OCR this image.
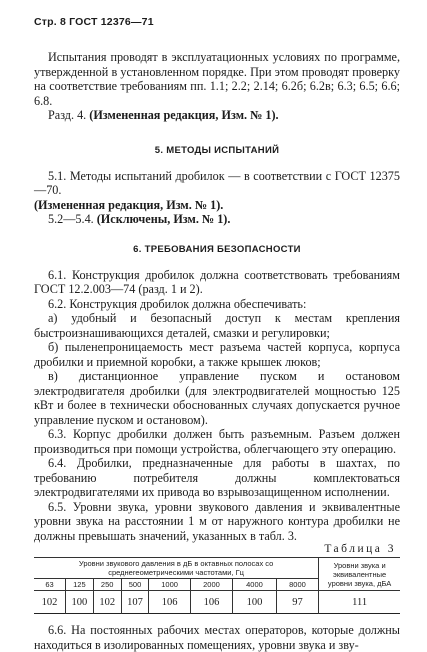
Стр. 8 ГОСТ 12376—71

Испытания проводят в эксплуатационных условиях по программе, утвержденной в установленном порядке. При этом проводят проверку на соответствие требованиям пп. 1.1; 2.2; 2.14; 6.2б; 6.2в; 6.3; 6.5; 6.6; 6.8.

Разд. 4. (Измененная редакция, Изм. № 1).

5. МЕТОДЫ ИСПЫТАНИЙ

5.1. Методы испытаний дробилок — в соответствии с ГОСТ 12375—70.

(Измененная редакция, Изм. № 1).

5.2—5.4. (Исключены, Изм. № 1).

6. ТРЕБОВАНИЯ БЕЗОПАСНОСТИ

6.1. Конструкция дробилок должна соответствовать требованиям ГОСТ 12.2.003—74 (разд. 1 и 2).

6.2. Конструкция дробилок должна обеспечивать:

а) удобный и безопасный доступ к местам крепления быстроизнашивающихся деталей, смазки и регулировки;

б) пыленепроницаемость мест разъема частей корпуса, корпуса дробилки и приемной коробки, а также крышек люков;

в) дистанционное управление пуском и остановом электродвигателя дробилки (для электродвигателей мощностью 125 кВт и более в технически обоснованных случаях допускается ручное управление пуском и остановом).

6.3. Корпус дробилки должен быть разъемным. Разъем должен производиться при помощи устройства, облегчающего эту операцию.

6.4. Дробилки, предназначенные для работы в шахтах, по требованию потребителя должны комплектоваться электродвигателями их привода во взрывозащищенном исполнении.

6.5. Уровни звука, уровни звукового давления и эквивалентные уровни звука на расстоянии 1 м от наружного контура дробилки не должны превышать значений, указанных в табл. 3.

Таблица 3

Уровни звукового давления в дБ в октавных полосах со среднегеометрическими частотами, Гц								Уровни звука и эквивалентные уровни звука, дБА
63	125	250	500	1000	2000	4000	8000	
102	100	102	107	106	106	100	97	111

6.6. На постоянных рабочих местах операторов, которые должны находиться в изолированных помещениях, уровни звука и зву-
